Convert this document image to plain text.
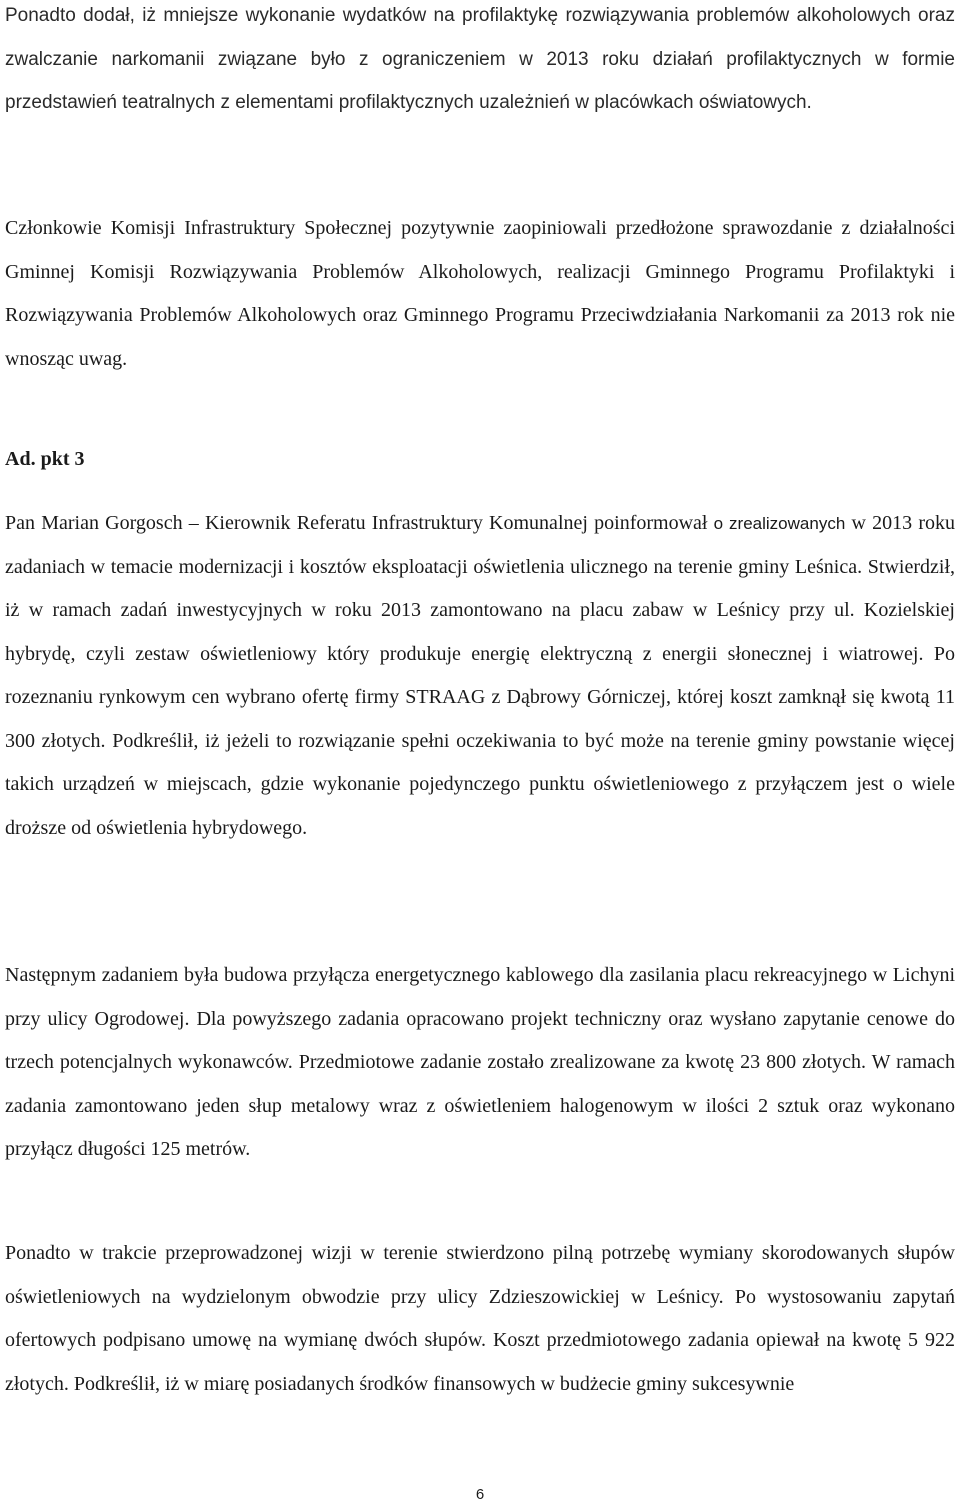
Ponadto dodał, iż mniejsze wykonanie wydatków na profilaktykę rozwiązywania problemów alkoholowych oraz zwalczanie narkomanii związane było z ograniczeniem w 2013 roku działań profilaktycznych w formie przedstawień teatralnych z elementami profilaktycznych uzależnień w placówkach oświatowych.

Członkowie Komisji Infrastruktury Społecznej pozytywnie zaopiniowali przedłożone sprawozdanie z działalności Gminnej Komisji Rozwiązywania Problemów Alkoholowych, realizacji Gminnego Programu Profilaktyki i Rozwiązywania Problemów Alkoholowych oraz Gminnego Programu Przeciwdziałania Narkomanii za 2013 rok nie wnosząc uwag.

Ad. pkt 3

Pan Marian Gorgosch – Kierownik Referatu Infrastruktury Komunalnej poinformował o zrealizowanych w 2013 roku zadaniach w temacie modernizacji i kosztów eksploatacji oświetlenia ulicznego na terenie gminy Leśnica. Stwierdził, iż w ramach zadań inwestycyjnych w roku 2013 zamontowano na placu zabaw w Leśnicy przy ul. Kozielskiej hybrydę, czyli zestaw oświetleniowy który produkuje energię elektryczną z energii słonecznej i wiatrowej. Po rozeznaniu rynkowym cen wybrano ofertę firmy STRAAG z Dąbrowy Górniczej, której koszt zamknął się kwotą 11 300 złotych. Podkreślił, iż jeżeli to rozwiązanie spełni oczekiwania to być może na terenie gminy powstanie więcej takich urządzeń w miejscach, gdzie wykonanie pojedynczego punktu oświetleniowego z przyłączem jest o wiele droższe od oświetlenia hybrydowego.

Następnym zadaniem była budowa przyłącza energetycznego kablowego dla zasilania placu rekreacyjnego w Lichyni przy ulicy Ogrodowej. Dla powyższego zadania opracowano projekt techniczny oraz wysłano zapytanie cenowe do trzech potencjalnych wykonawców. Przedmiotowe zadanie zostało zrealizowane za kwotę 23 800 złotych. W ramach zadania zamontowano jeden słup metalowy wraz z oświetleniem halogenowym w ilości 2 sztuk oraz wykonano przyłącz długości 125 metrów.

Ponadto w trakcie przeprowadzonej wizji w terenie stwierdzono pilną potrzebę wymiany skorodowanych słupów oświetleniowych na wydzielonym obwodzie przy ulicy Zdzieszowickiej w Leśnicy. Po wystosowaniu zapytań ofertowych podpisano umowę na wymianę dwóch słupów. Koszt przedmiotowego zadania opiewał na kwotę 5 922 złotych. Podkreślił, iż w miarę posiadanych środków finansowych w budżecie gminy sukcesywnie

6
